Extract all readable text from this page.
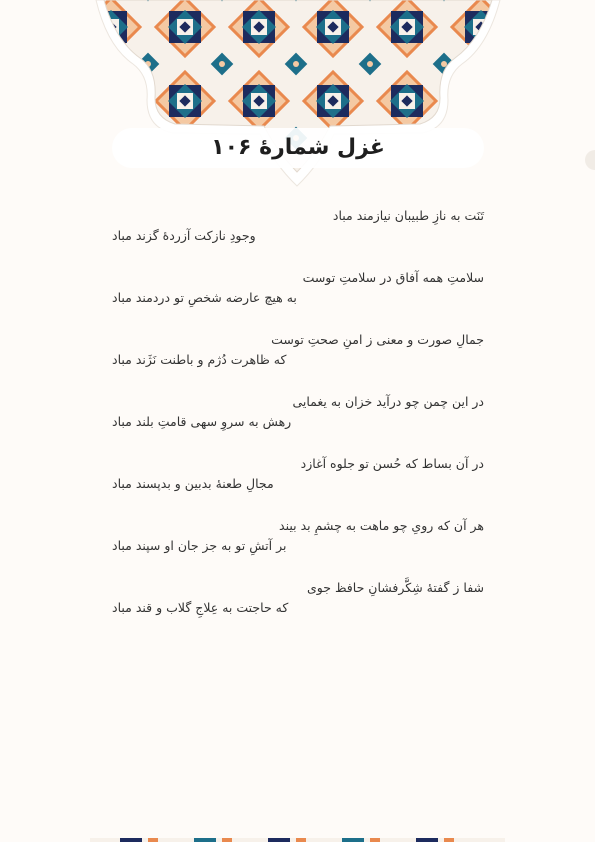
غزل شمارهٔ ۱۰۶
تَنَت به نازِ طبیبان نیازمند مباد
وجودِ نازکت آزردهٔ گزند مباد
سلامتِ همه آفاق در سلامتِ توست
به هیچ عارضه شخصِ تو دردمند مباد
جمالِ صورت و معنی ز امنِ صحتِ توست
که ظاهرت دُژم و باطنت نَژَند مباد
در این چمن چو درآید خزان به یغمایی
رهش به سروِ سهی قامتِ بلند مباد
در آن بساط که حُسن تو جلوه آغازد
مجالِ طعنهٔ بدبین و بدپسند مباد
هر آن که رویِ چو ماهت به چشمِ بد بیند
بر آتشِ تو به جز جان او سپند مباد
شفا ز گفتهٔ شِکَّرفشانِ حافظ جوی
که حاجتت به عِلاجِ گلاب و قند مباد
